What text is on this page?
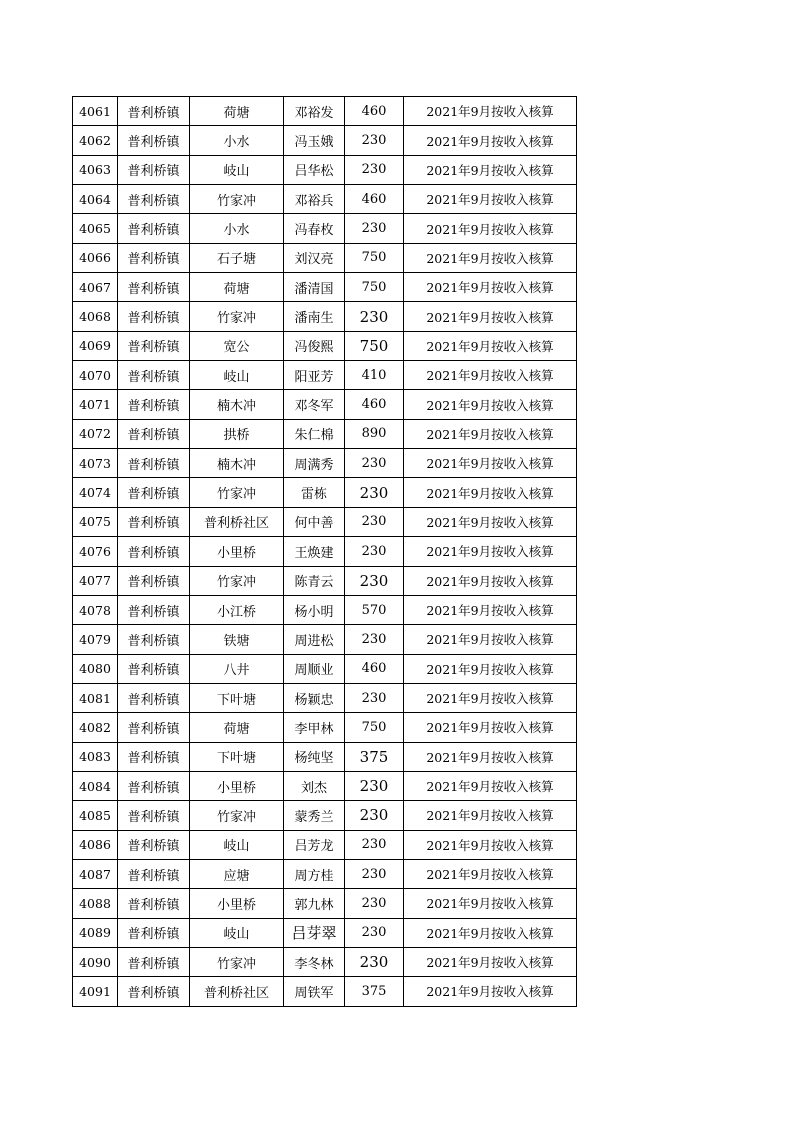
4061	普利桥镇	荷塘	邓裕发	460	2021年9月按收入核算
4062	普利桥镇	小水	冯玉娥	230	2021年9月按收入核算
4063	普利桥镇	岐山	吕华松	230	2021年9月按收入核算
4064	普利桥镇	竹家冲	邓裕兵	460	2021年9月按收入核算
4065	普利桥镇	小水	冯春枚	230	2021年9月按收入核算
4066	普利桥镇	石子塘	刘汉亮	750	2021年9月按收入核算
4067	普利桥镇	荷塘	潘清国	750	2021年9月按收入核算
4068	普利桥镇	竹家冲	潘南生	230	2021年9月按收入核算
4069	普利桥镇	宽公	冯俊熙	750	2021年9月按收入核算
4070	普利桥镇	岐山	阳亚芳	410	2021年9月按收入核算
4071	普利桥镇	楠木冲	邓冬军	460	2021年9月按收入核算
4072	普利桥镇	拱桥	朱仁棉	890	2021年9月按收入核算
4073	普利桥镇	楠木冲	周满秀	230	2021年9月按收入核算
4074	普利桥镇	竹家冲	雷栋	230	2021年9月按收入核算
4075	普利桥镇	普利桥社区	何中善	230	2021年9月按收入核算
4076	普利桥镇	小里桥	王焕建	230	2021年9月按收入核算
4077	普利桥镇	竹家冲	陈青云	230	2021年9月按收入核算
4078	普利桥镇	小江桥	杨小明	570	2021年9月按收入核算
4079	普利桥镇	铁塘	周进松	230	2021年9月按收入核算
4080	普利桥镇	八井	周顺业	460	2021年9月按收入核算
4081	普利桥镇	下叶塘	杨颖忠	230	2021年9月按收入核算
4082	普利桥镇	荷塘	李甲林	750	2021年9月按收入核算
4083	普利桥镇	下叶塘	杨纯坚	375	2021年9月按收入核算
4084	普利桥镇	小里桥	刘杰	230	2021年9月按收入核算
4085	普利桥镇	竹家冲	蒙秀兰	230	2021年9月按收入核算
4086	普利桥镇	岐山	吕芳龙	230	2021年9月按收入核算
4087	普利桥镇	应塘	周方桂	230	2021年9月按收入核算
4088	普利桥镇	小里桥	郭九林	230	2021年9月按收入核算
4089	普利桥镇	岐山	吕芽翠	230	2021年9月按收入核算
4090	普利桥镇	竹家冲	李冬林	230	2021年9月按收入核算
4091	普利桥镇	普利桥社区	周铁军	375	2021年9月按收入核算
